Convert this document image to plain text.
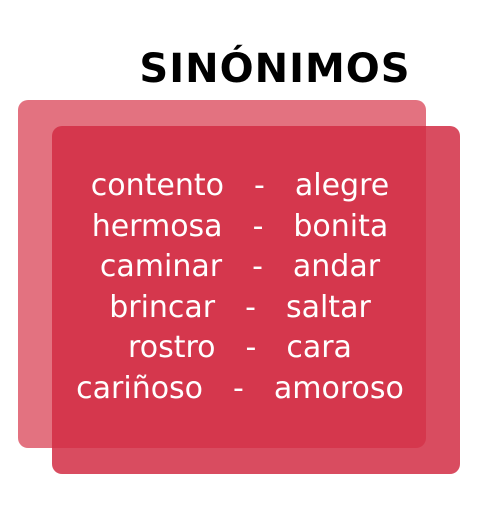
SINÓNIMOS
contento	-	alegre
hermosa	-	bonita
caminar	-	andar
brincar	-	saltar
rostro	-	cara
cariñoso	-	amoroso
